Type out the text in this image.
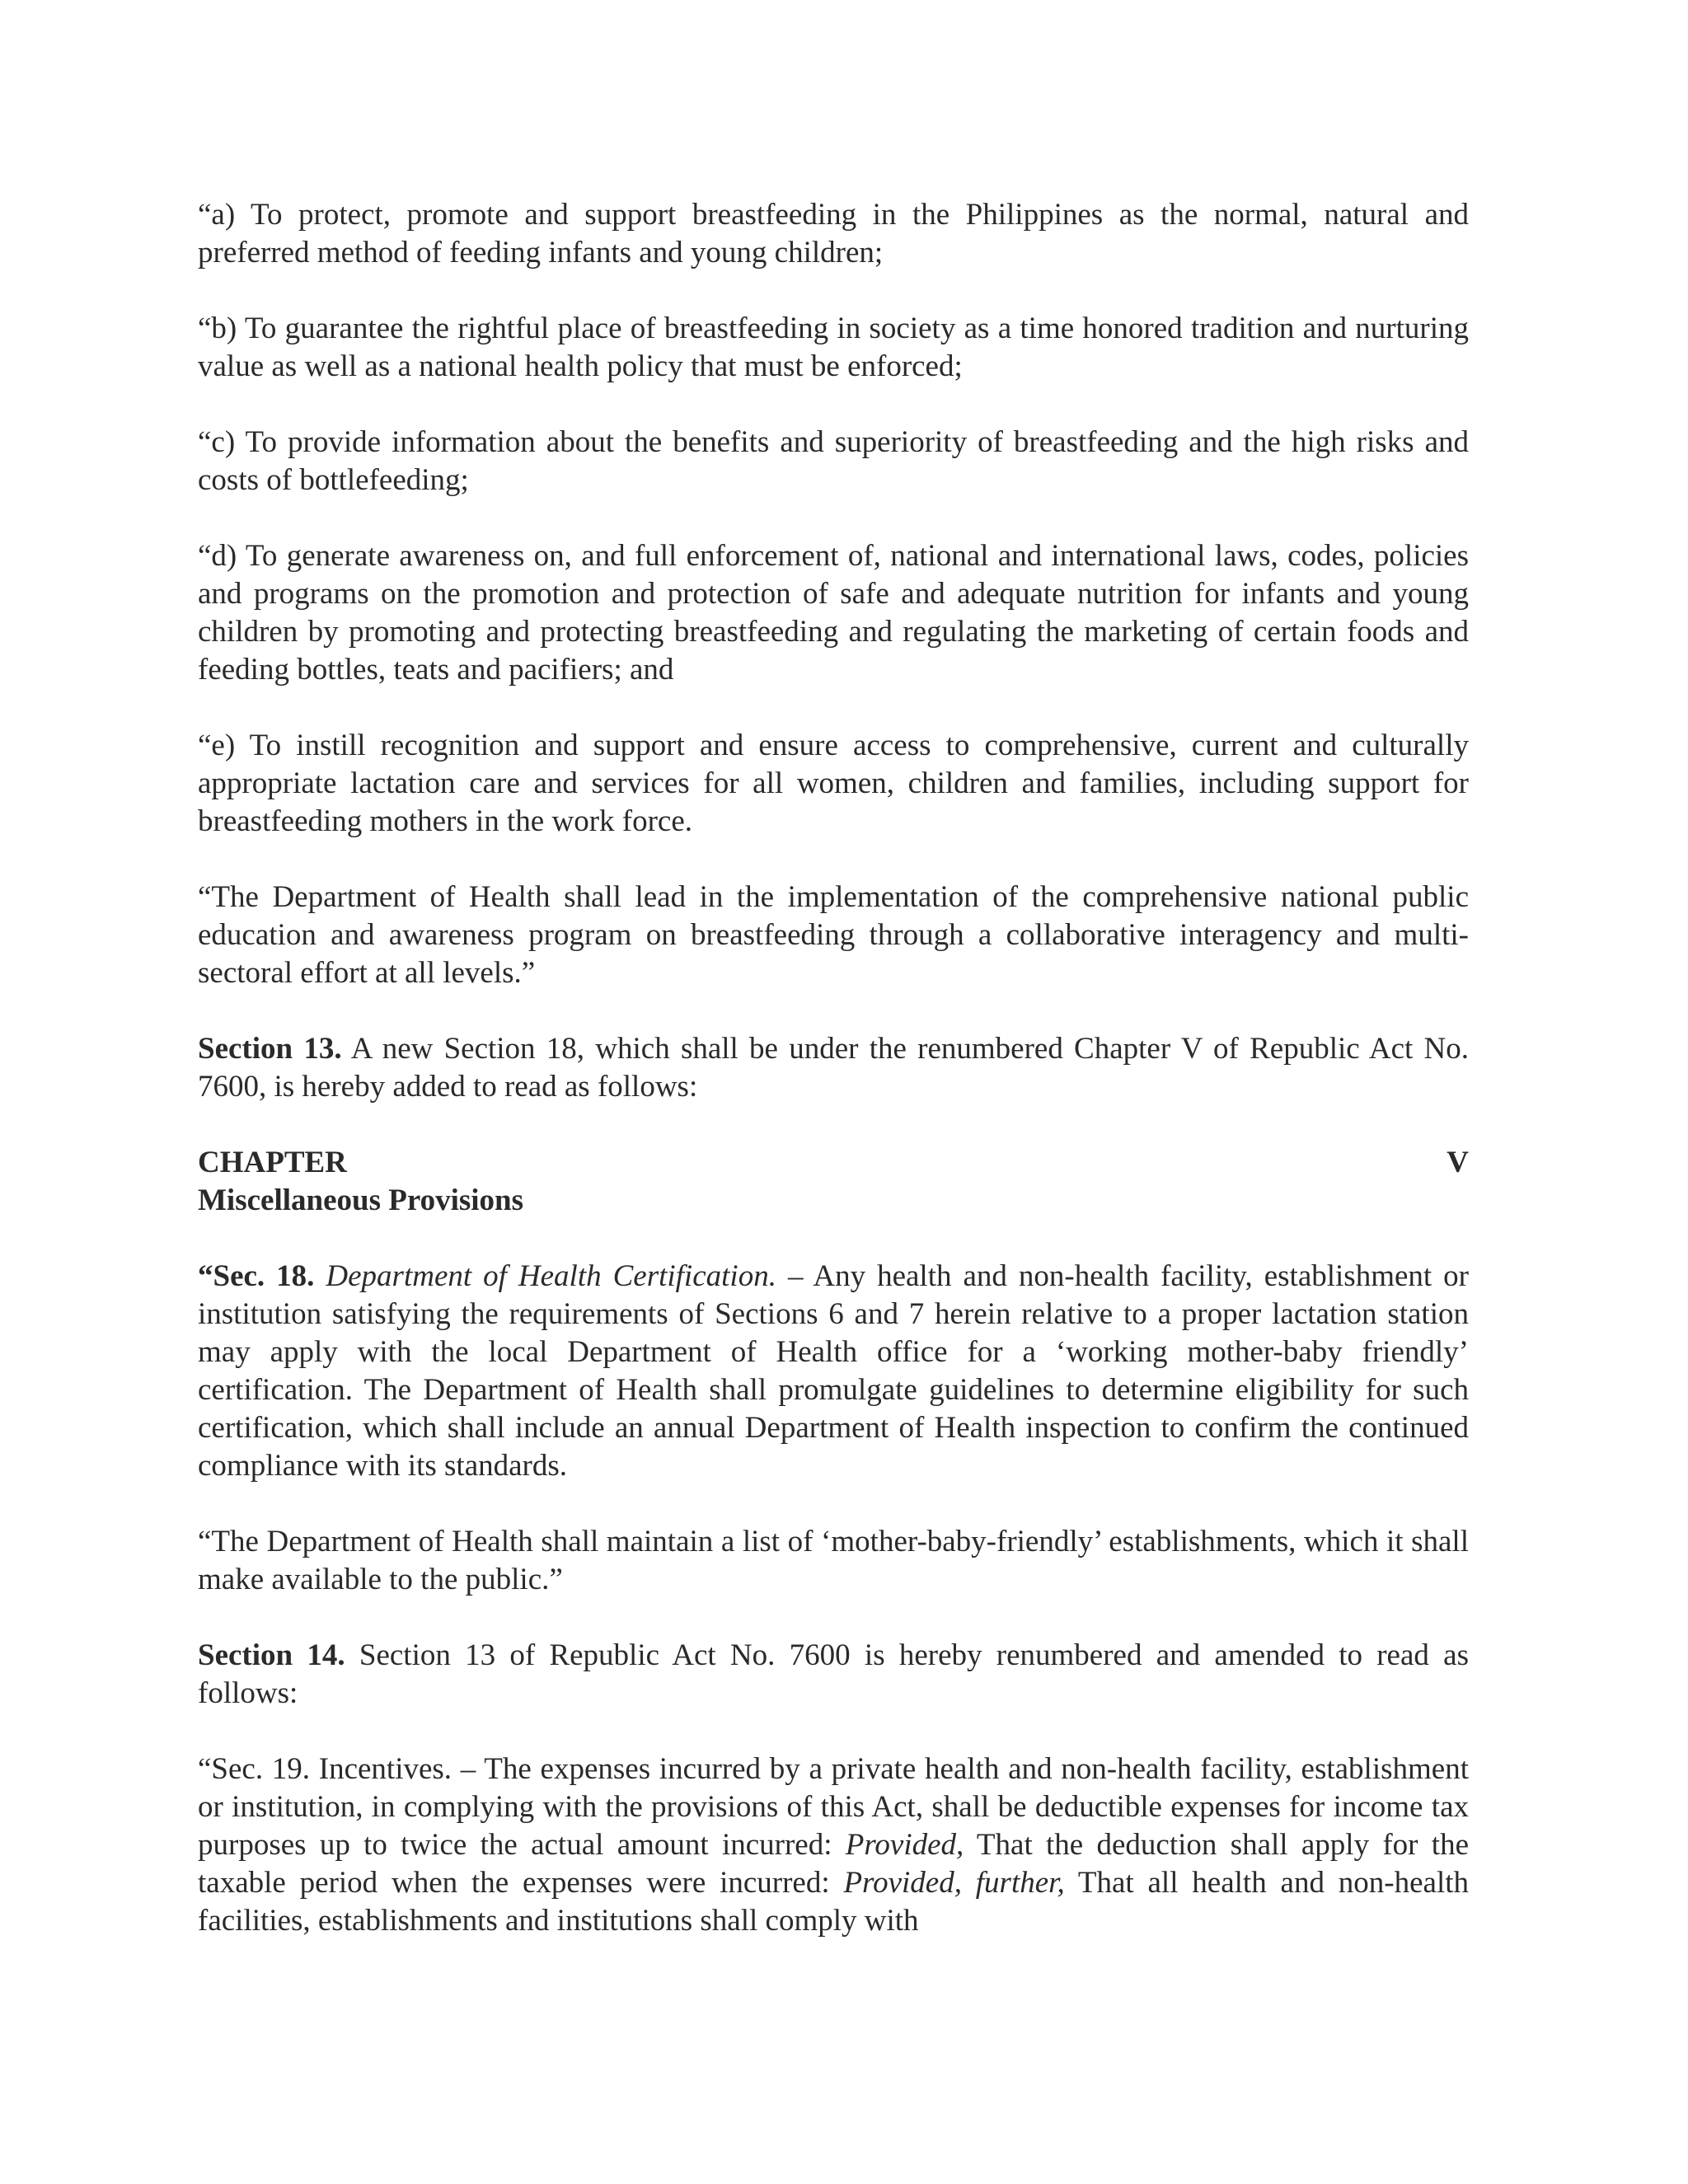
“a) To protect, promote and support breastfeeding in the Philippines as the normal, natural and preferred method of feeding infants and young children;

“b) To guarantee the rightful place of breastfeeding in society as a time honored tradition and nurturing value as well as a national health policy that must be enforced;

“c) To provide information about the benefits and superiority of breastfeeding and the high risks and costs of bottlefeeding;

“d) To generate awareness on, and full enforcement of, national and international laws, codes, policies and programs on the promotion and protection of safe and adequate nutrition for infants and young children by promoting and protecting breastfeeding and regulating the marketing of certain foods and feeding bottles, teats and pacifiers; and

“e) To instill recognition and support and ensure access to comprehensive, current and culturally appropriate lactation care and services for all women, children and families, including support for breastfeeding mothers in the work force.

“The Department of Health shall lead in the implementation of the comprehensive national public education and awareness program on breastfeeding through a collaborative interagency and multi-sectoral effort at all levels.”

Section 13. A new Section 18, which shall be under the renumbered Chapter V of Republic Act No. 7600, is hereby added to read as follows:

CHAPTER	V
Miscellaneous Provisions

“Sec. 18. Department of Health Certification. – Any health and non-health facility, establishment or institution satisfying the requirements of Sections 6 and 7 herein relative to a proper lactation station may apply with the local Department of Health office for a ‘working mother-baby friendly’ certification. The Department of Health shall promulgate guidelines to determine eligibility for such certification, which shall include an annual Department of Health inspection to confirm the continued compliance with its standards.

“The Department of Health shall maintain a list of ‘mother-baby-friendly’ establishments, which it shall make available to the public.”

Section 14. Section 13 of Republic Act No. 7600 is hereby renumbered and amended to read as follows:

“Sec. 19. Incentives. – The expenses incurred by a private health and non-health facility, establishment or institution, in complying with the provisions of this Act, shall be deductible expenses for income tax purposes up to twice the actual amount incurred: Provided, That the deduction shall apply for the taxable period when the expenses were incurred: Provided, further, That all health and non-health facilities, establishments and institutions shall comply with
